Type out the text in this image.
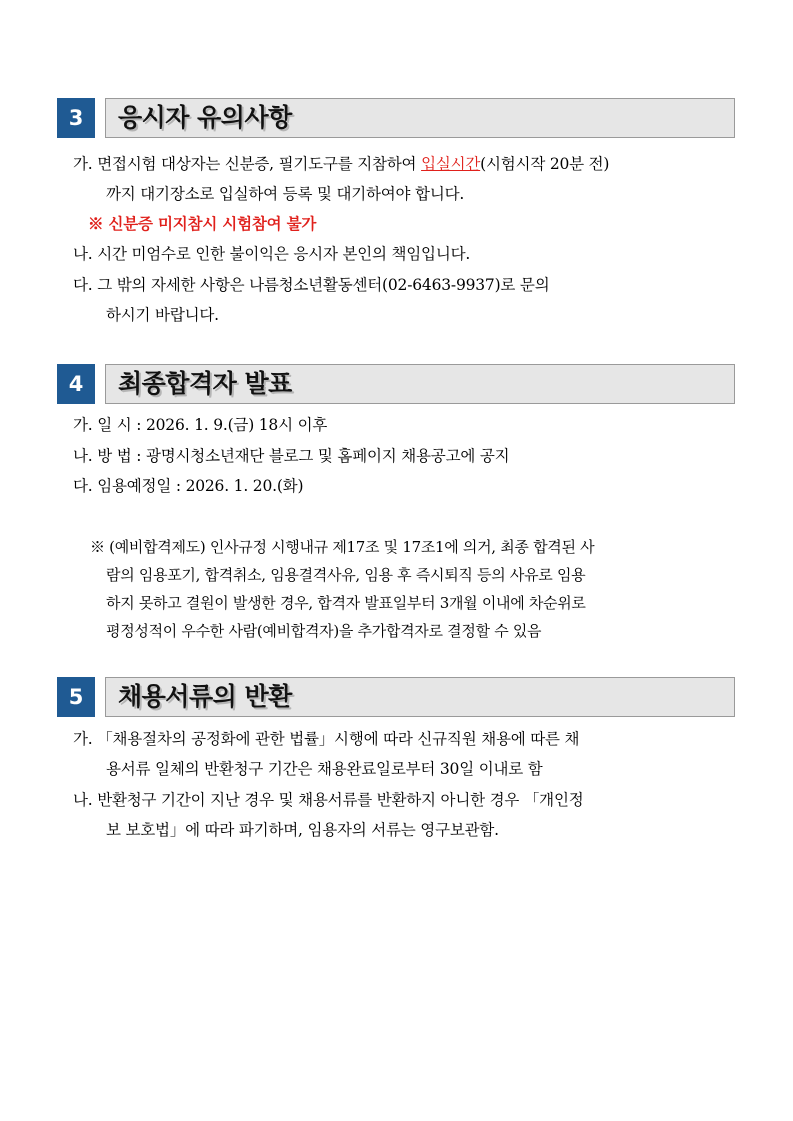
3	응시자 유의사항
가. 면접시험 대상자는 신분증, 필기도구를 지참하여 입실시간(시험시작 20분 전)
까지 대기장소로 입실하여 등록 및 대기하여야 합니다.
※ 신분증 미지참시 시험참여 불가
나. 시간 미엄수로 인한 불이익은 응시자 본인의 책임입니다.
다. 그 밖의 자세한 사항은 나름청소년활동센터(02-6463-9937)로 문의
하시기 바랍니다.
4	최종합격자 발표
가. 일 시 : 2026. 1. 9.(금) 18시 이후
나. 방 법 : 광명시청소년재단 블로그 및 홈페이지 채용공고에 공지
다. 임용예정일 : 2026. 1. 20.(화)
※ (예비합격제도) 인사규정 시행내규 제17조 및 17조1에 의거, 최종 합격된 사
람의 임용포기, 합격취소, 임용결격사유, 임용 후 즉시퇴직 등의 사유로 임용
하지 못하고 결원이 발생한 경우, 합격자 발표일부터 3개월 이내에 차순위로
평정성적이 우수한 사람(예비합격자)을 추가합격자로 결정할 수 있음
5	채용서류의 반환
가. 「채용절차의 공정화에 관한 법률」시행에 따라 신규직원 채용에 따른 채
용서류 일체의 반환청구 기간은 채용완료일로부터 30일 이내로 함
나. 반환청구 기간이 지난 경우 및 채용서류를 반환하지 아니한 경우 「개인정
보 보호법」에 따라 파기하며, 임용자의 서류는 영구보관함.
